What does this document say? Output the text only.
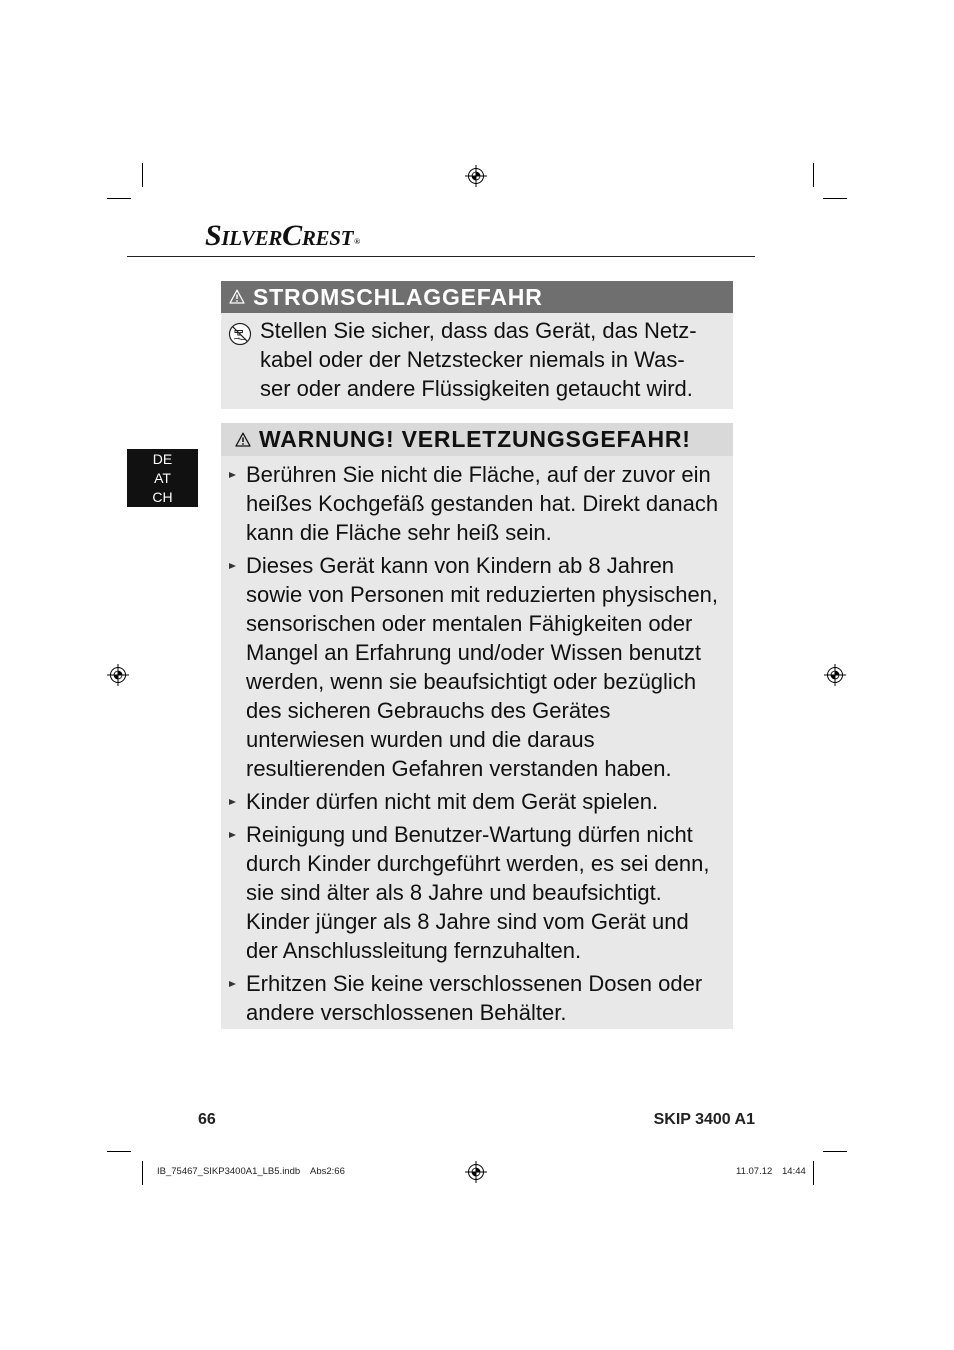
SilverCrest®
DE
AT
CH
STROMSCHLAGGEFAHR
Stellen Sie sicher, dass das Gerät, das Netz-
kabel oder der Netzstecker niemals in Was-
ser oder andere Flüssigkeiten getaucht wird.
WARNUNG! VERLETZUNGSGEFAHR!
Berühren Sie nicht die Fläche, auf der zuvor ein
heißes Kochgefäß gestanden hat. Direkt danach
kann die Fläche sehr heiß sein.
Dieses Gerät kann von Kindern ab 8 Jahren
sowie von Personen mit reduzierten physischen,
sensorischen oder mentalen Fähigkeiten oder
Mangel an Erfahrung und/oder Wissen benutzt
werden, wenn sie beaufsichtigt oder bezüglich
des sicheren Gebrauchs des Gerätes
unterwiesen wurden und die daraus
resultierenden Gefahren verstanden haben.
Kinder dürfen nicht mit dem Gerät spielen.
Reinigung und Benutzer-Wartung dürfen nicht
durch Kinder durchgeführt werden, es sei denn,
sie sind älter als 8 Jahre und beaufsichtigt.
Kinder jünger als 8 Jahre sind vom Gerät und
der Anschlussleitung fernzuhalten.
Erhitzen Sie keine verschlossenen Dosen oder
andere verschlossenen Behälter.
66	SKIP 3400 A1
IB_75467_SIKP3400A1_LB5.indb Abs2:66	11.07.12 14:44
